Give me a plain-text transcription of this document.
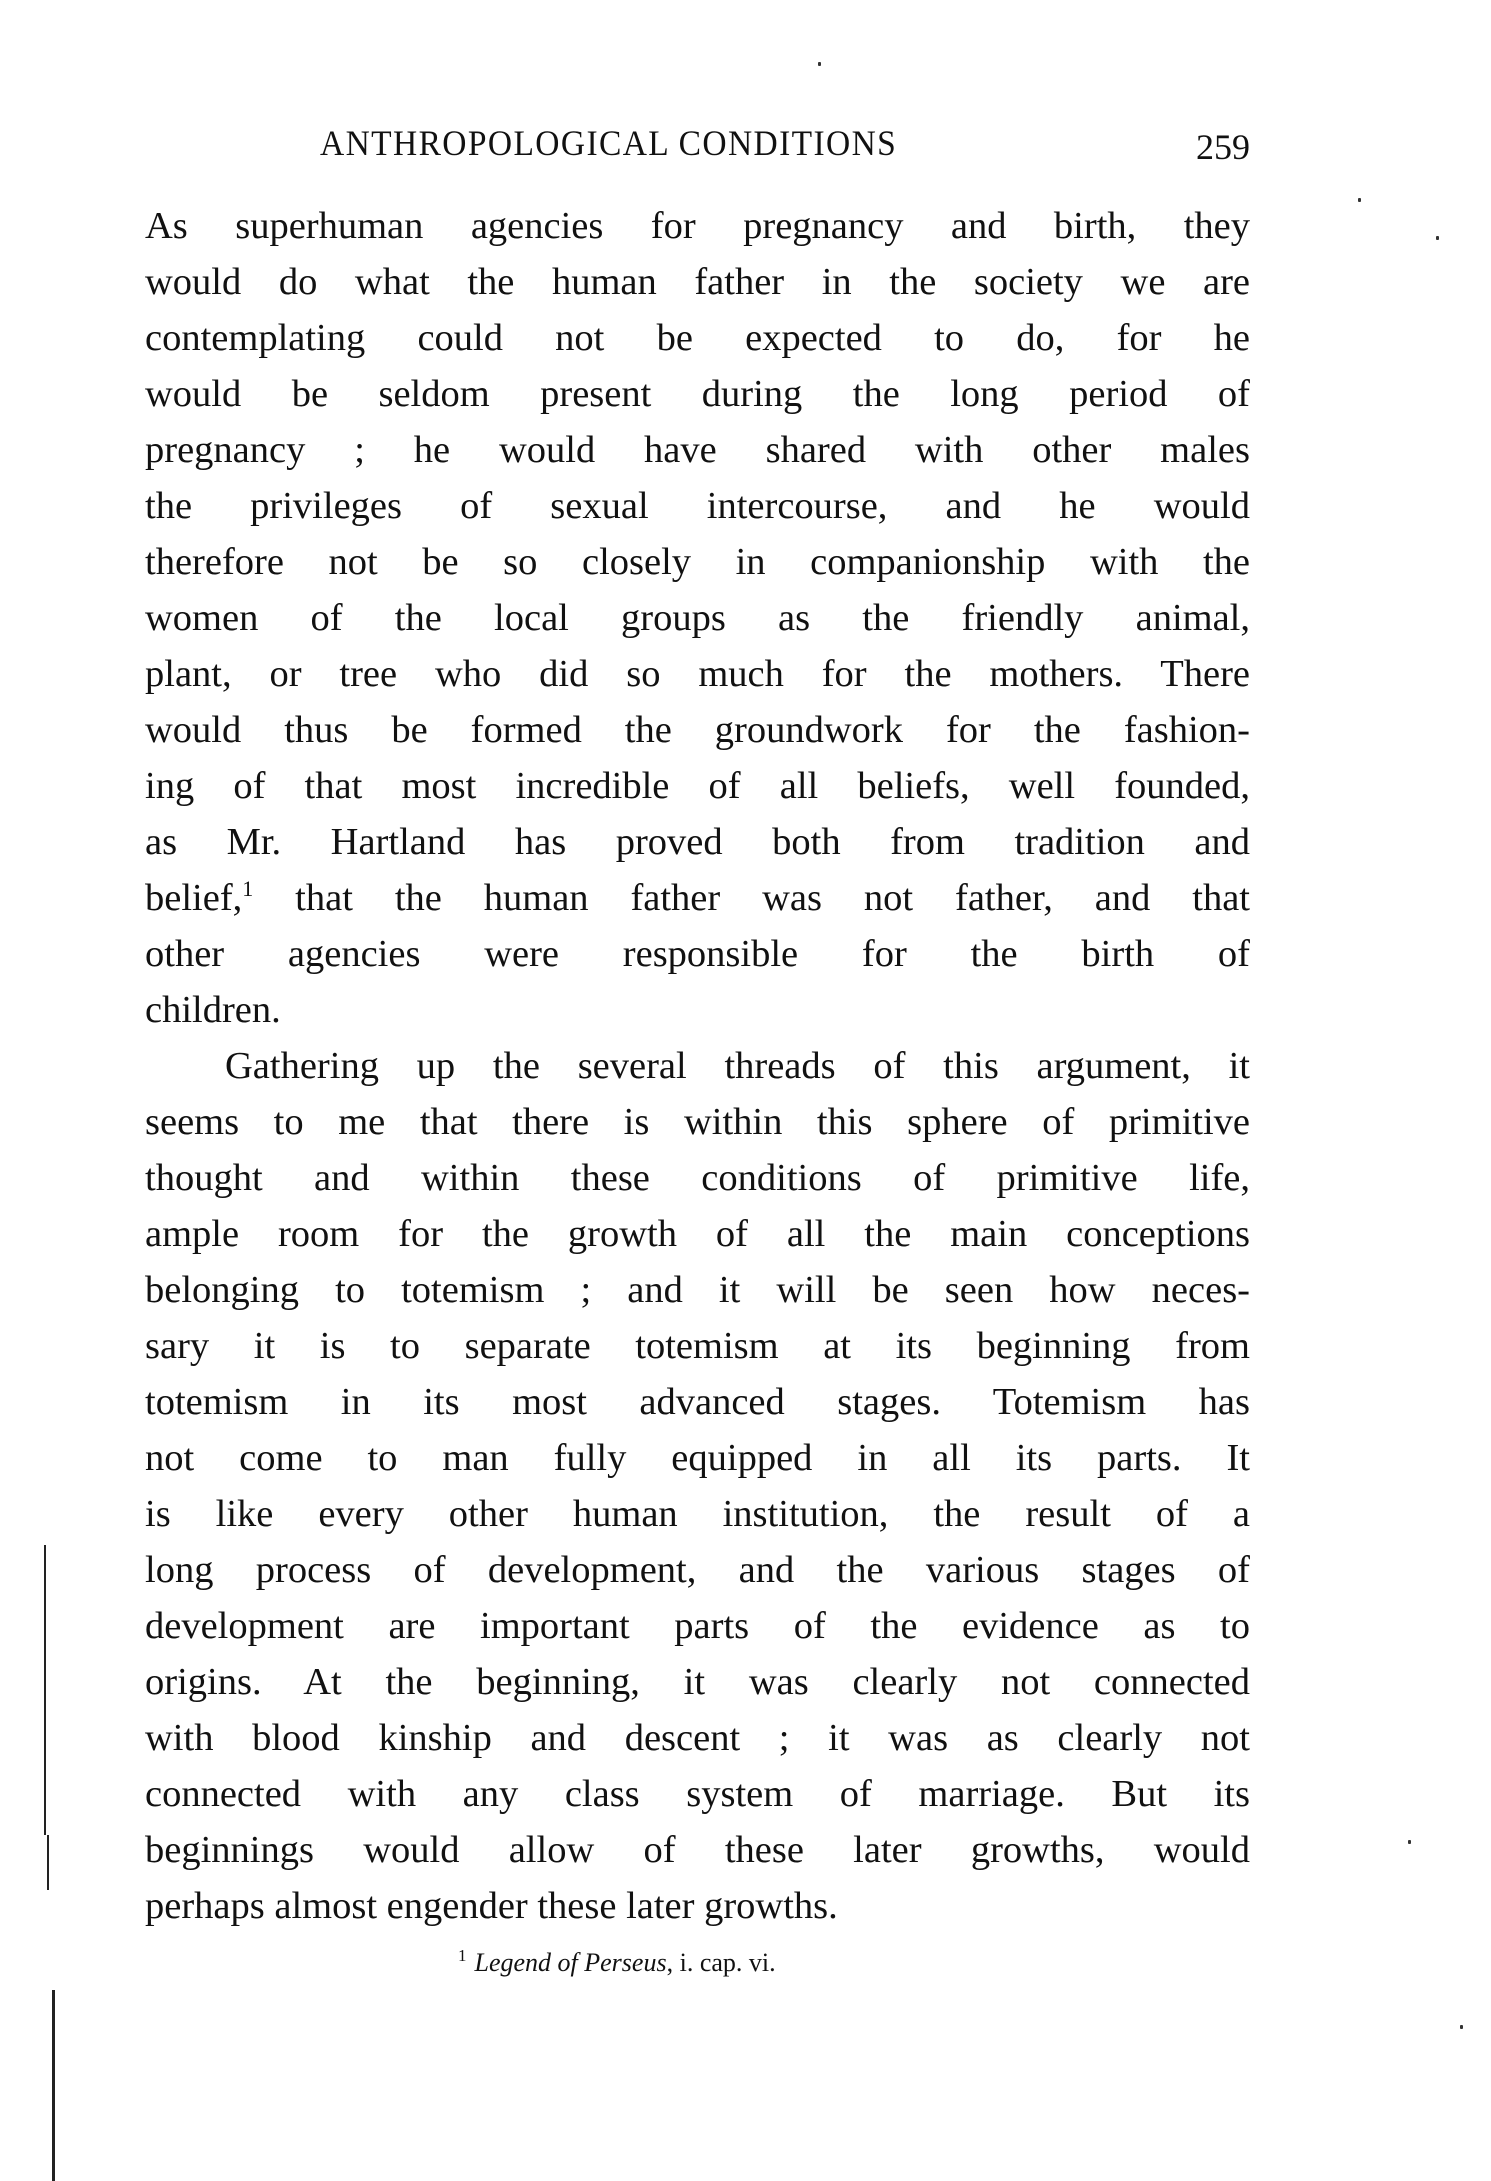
ANTHROPOLOGICAL CONDITIONS	259
As superhuman agencies for pregnancy and birth, they
would do what the human father in the society we are
contemplating could not be expected to do, for he
would be seldom present during the long period of
pregnancy ; he would have shared with other males
the privileges of sexual intercourse, and he would
therefore not be so closely in companionship with the
women of the local groups as the friendly animal,
plant, or tree who did so much for the mothers. There
would thus be formed the groundwork for the fashion-
ing of that most incredible of all beliefs, well founded,
as Mr. Hartland has proved both from tradition and
belief,$^1$ that the human father was not father, and that
other agencies were responsible for the birth of
children.
Gathering up the several threads of this argument, it
seems to me that there is within this sphere of primitive
thought and within these conditions of primitive life,
ample room for the growth of all the main conceptions
belonging to totemism ; and it will be seen how neces-
sary it is to separate totemism at its beginning from
totemism in its most advanced stages. Totemism has
not come to man fully equipped in all its parts. It
is like every other human institution, the result of a
long process of development, and the various stages of
development are important parts of the evidence as to
origins. At the beginning, it was clearly not connected
with blood kinship and descent ; it was as clearly not
connected with any class system of marriage. But its
beginnings would allow of these later growths, would
perhaps almost engender these later growths.
$^1$ Legend of Perseus, i. cap. vi.
